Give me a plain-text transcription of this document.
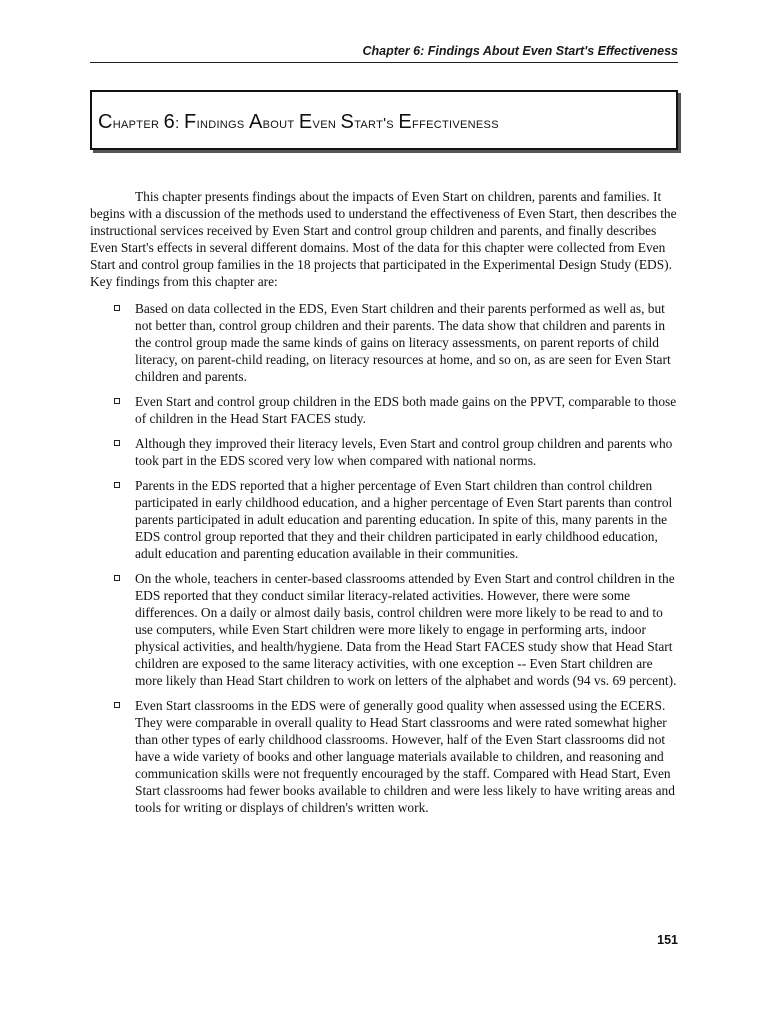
Chapter 6: Findings About Even Start's Effectiveness
Chapter 6: Findings About Even Start's Effectiveness

This chapter presents findings about the impacts of Even Start on children, parents and families. It begins with a discussion of the methods used to understand the effectiveness of Even Start, then describes the instructional services received by Even Start and control group children and parents, and finally describes Even Start's effects in several different domains. Most of the data for this chapter were collected from Even Start and control group families in the 18 projects that participated in the Experimental Design Study (EDS). Key findings from this chapter are:

Based on data collected in the EDS, Even Start children and their parents performed as well as, but not better than, control group children and their parents. The data show that children and parents in the control group made the same kinds of gains on literacy assessments, on parent reports of child literacy, on parent-child reading, on literacy resources at home, and so on, as are seen for Even Start children and parents.
Even Start and control group children in the EDS both made gains on the PPVT, comparable to those of children in the Head Start FACES study.
Although they improved their literacy levels, Even Start and control group children and parents who took part in the EDS scored very low when compared with national norms.
Parents in the EDS reported that a higher percentage of Even Start children than control children participated in early childhood education, and a higher percentage of Even Start parents than control parents participated in adult education and parenting education. In spite of this, many parents in the EDS control group reported that they and their children participated in early childhood education, adult education and parenting education available in their communities.
On the whole, teachers in center-based classrooms attended by Even Start and control children in the EDS reported that they conduct similar literacy-related activities. However, there were some differences. On a daily or almost daily basis, control children were more likely to be read to and to use computers, while Even Start children were more likely to engage in performing arts, indoor physical activities, and health/hygiene. Data from the Head Start FACES study show that Head Start children are exposed to the same literacy activities, with one exception -- Even Start children are more likely than Head Start children to work on letters of the alphabet and words (94 vs. 69 percent).
Even Start classrooms in the EDS were of generally good quality when assessed using the ECERS. They were comparable in overall quality to Head Start classrooms and were rated somewhat higher than other types of early childhood classrooms. However, half of the Even Start classrooms did not have a wide variety of books and other language materials available to children, and reasoning and communication skills were not frequently encouraged by the staff. Compared with Head Start, Even Start classrooms had fewer books available to children and were less likely to have writing areas and tools for writing or displays of children's written work.
151
